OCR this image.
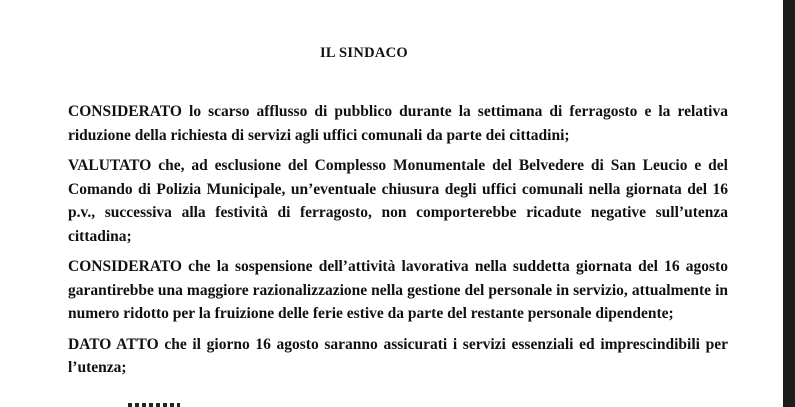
IL SINDACO

CONSIDERATO lo scarso afflusso di pubblico durante la settimana di ferragosto e la relativa riduzione della richiesta di servizi agli uffici comunali da parte dei cittadini;

VALUTATO che, ad esclusione del Complesso Monumentale del Belvedere di San Leucio e del Comando di Polizia Municipale, un’eventuale chiusura degli uffici comunali nella giornata del 16 p.v., successiva alla festività di ferragosto, non comporterebbe ricadute negative sull’utenza cittadina;

CONSIDERATO che la sospensione dell’attività lavorativa nella suddetta giornata del 16 agosto garantirebbe una maggiore razionalizzazione nella gestione del personale in servizio, attualmente in numero ridotto per la fruizione delle ferie estive da parte del restante personale dipendente;

DATO ATTO che il giorno 16 agosto saranno assicurati i servizi essenziali ed imprescindibili per l’utenza;
